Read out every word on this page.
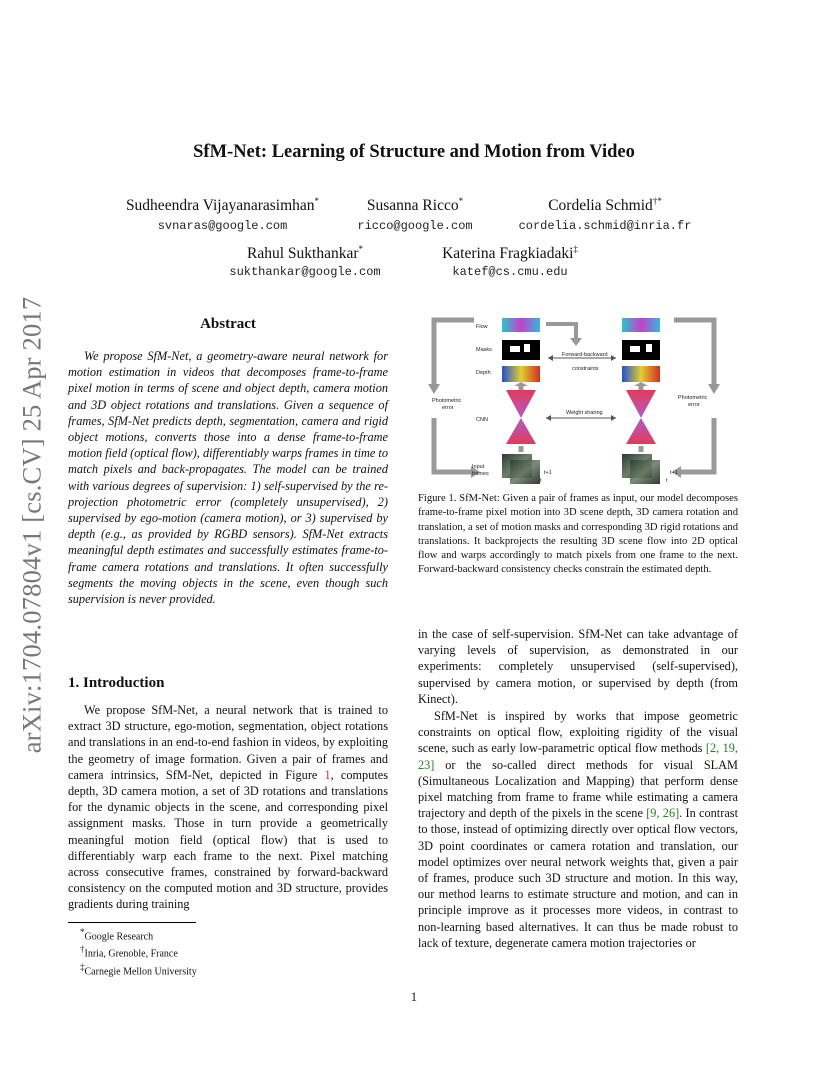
SfM-Net: Learning of Structure and Motion from Video
Sudheendra Vijayanarasimhan*
svnaras@google.com
Susanna Ricco*
ricco@google.com
Cordelia Schmid†*
cordelia.schmid@inria.fr
Rahul Sukthankar*
sukthankar@google.com
Katerina Fragkiadaki‡
katef@cs.cmu.edu
arXiv:1704.07804v1 [cs.CV] 25 Apr 2017	Abstract
We propose SfM-Net, a geometry-aware neural network for motion estimation in videos that decomposes frame-to-frame pixel motion in terms of scene and object depth, camera motion and 3D object rotations and translations. Given a sequence of frames, SfM-Net predicts depth, segmentation, camera and rigid object motions, converts those into a dense frame-to-frame motion field (optical flow), differentiably warps frames in time to match pixels and back-propagates. The model can be trained with various degrees of supervision: 1) self-supervised by the re-projection photometric error (completely unsupervised), 2) supervised by ego-motion (camera motion), or 3) supervised by depth (e.g., as provided by RGBD sensors). SfM-Net extracts meaningful depth estimates and successfully estimates frame-to-frame camera rotations and translations. It often successfully segments the moving objects in the scene, even though such supervision is never provided.
1. Introduction
We propose SfM-Net, a neural network that is trained to extract 3D structure, ego-motion, segmentation, object rotations and translations in an end-to-end fashion in videos, by exploiting the geometry of image formation. Given a pair of frames and camera intrinsics, SfM-Net, depicted in Figure 1, computes depth, 3D camera motion, a set of 3D rotations and translations for the dynamic objects in the scene, and corresponding pixel assignment masks. Those in turn provide a geometrically meaningful motion field (optical flow) that is used to differentiably warp each frame to the next. Pixel matching across consecutive frames, constrained by forward-backward consistency on the computed motion and 3D structure, provides gradients during training
*Google Research
†Inria, Grenoble, France
‡Carnegie Mellon University
Flow
Masks
Depth
CNN
Input
frames
Photometric
error
Photometric
error
Forward-backward
constraints
Weight sharing
t
t+1
t
t+1
Figure 1. SfM-Net: Given a pair of frames as input, our model decomposes frame-to-frame pixel motion into 3D scene depth, 3D camera rotation and translation, a set of motion masks and corresponding 3D rigid rotations and translations. It backprojects the resulting 3D scene flow into 2D optical flow and warps accordingly to match pixels from one frame to the next. Forward-backward consistency checks constrain the estimated depth.
in the case of self-supervision. SfM-Net can take advantage of varying levels of supervision, as demonstrated in our experiments: completely unsupervised (self-supervised), supervised by camera motion, or supervised by depth (from Kinect).
SfM-Net is inspired by works that impose geometric constraints on optical flow, exploiting rigidity of the visual scene, such as early low-parametric optical flow methods [2, 19, 23] or the so-called direct methods for visual SLAM (Simultaneous Localization and Mapping) that perform dense pixel matching from frame to frame while estimating a camera trajectory and depth of the pixels in the scene [9, 26]. In contrast to those, instead of optimizing directly over optical flow vectors, 3D point coordinates or camera rotation and translation, our model optimizes over neural network weights that, given a pair of frames, produce such 3D structure and motion. In this way, our method learns to estimate structure and motion, and can in principle improve as it processes more videos, in contrast to non-learning based alternatives. It can thus be made robust to lack of texture, degenerate camera motion trajectories or
1
